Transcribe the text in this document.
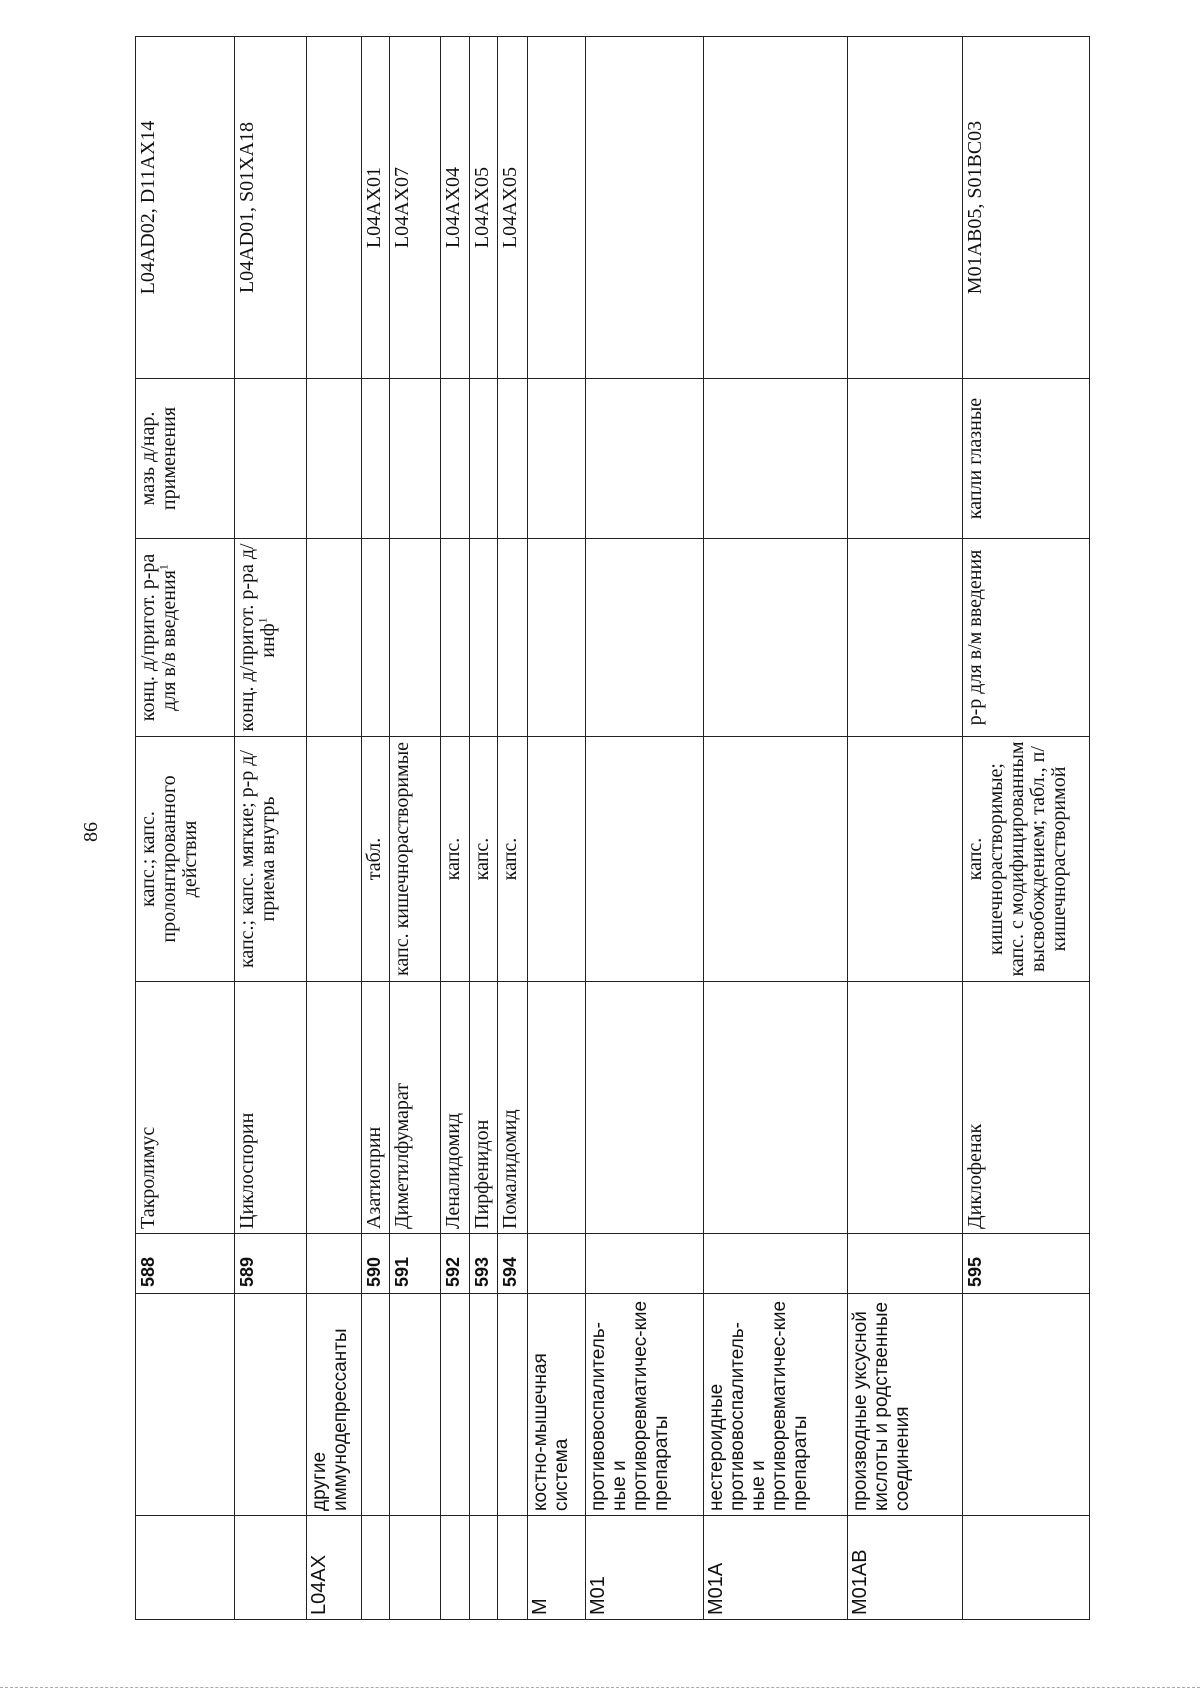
86
		588	Такролимус	капс.; капс. пролонгированного действия	конц. д/пригот. р-ра для в/в введения$^1$	мазь д/нар. применения	L04AD02, D11AX14
		589	Циклоспорин	капс.; капс. мягкие; р-р д/приема внутрь	конц. д/пригот. р-ра д/инф$^1$		L04AD01, S01XA18
L04AX	другие иммунодепрессанты						
		590	Азатиоприн	табл.			L04AX01
		591	Диметилфумарат	капс. кишечнорастворимые			L04AX07
		592	Леналидомид	капс.			L04AX04
		593	Пирфенидон	капс.			L04AX05
		594	Помалидомид	капс.			L04AX05
M	костно-мышечная система						
M01	противовоспалитель-ные и противоревматичес-кие препараты						
M01A	нестероидные противовоспалитель-ные и противоревматичес-кие препараты						
M01AB	производные уксусной кислоты и родственные соединения						
		595	Диклофенак	капс. кишечнорастворимые; капс. с модифицированным высвобождением; табл., п/кишечнорастворимой	р-р для в/м введения	капли глазные	M01AB05, S01BC03
